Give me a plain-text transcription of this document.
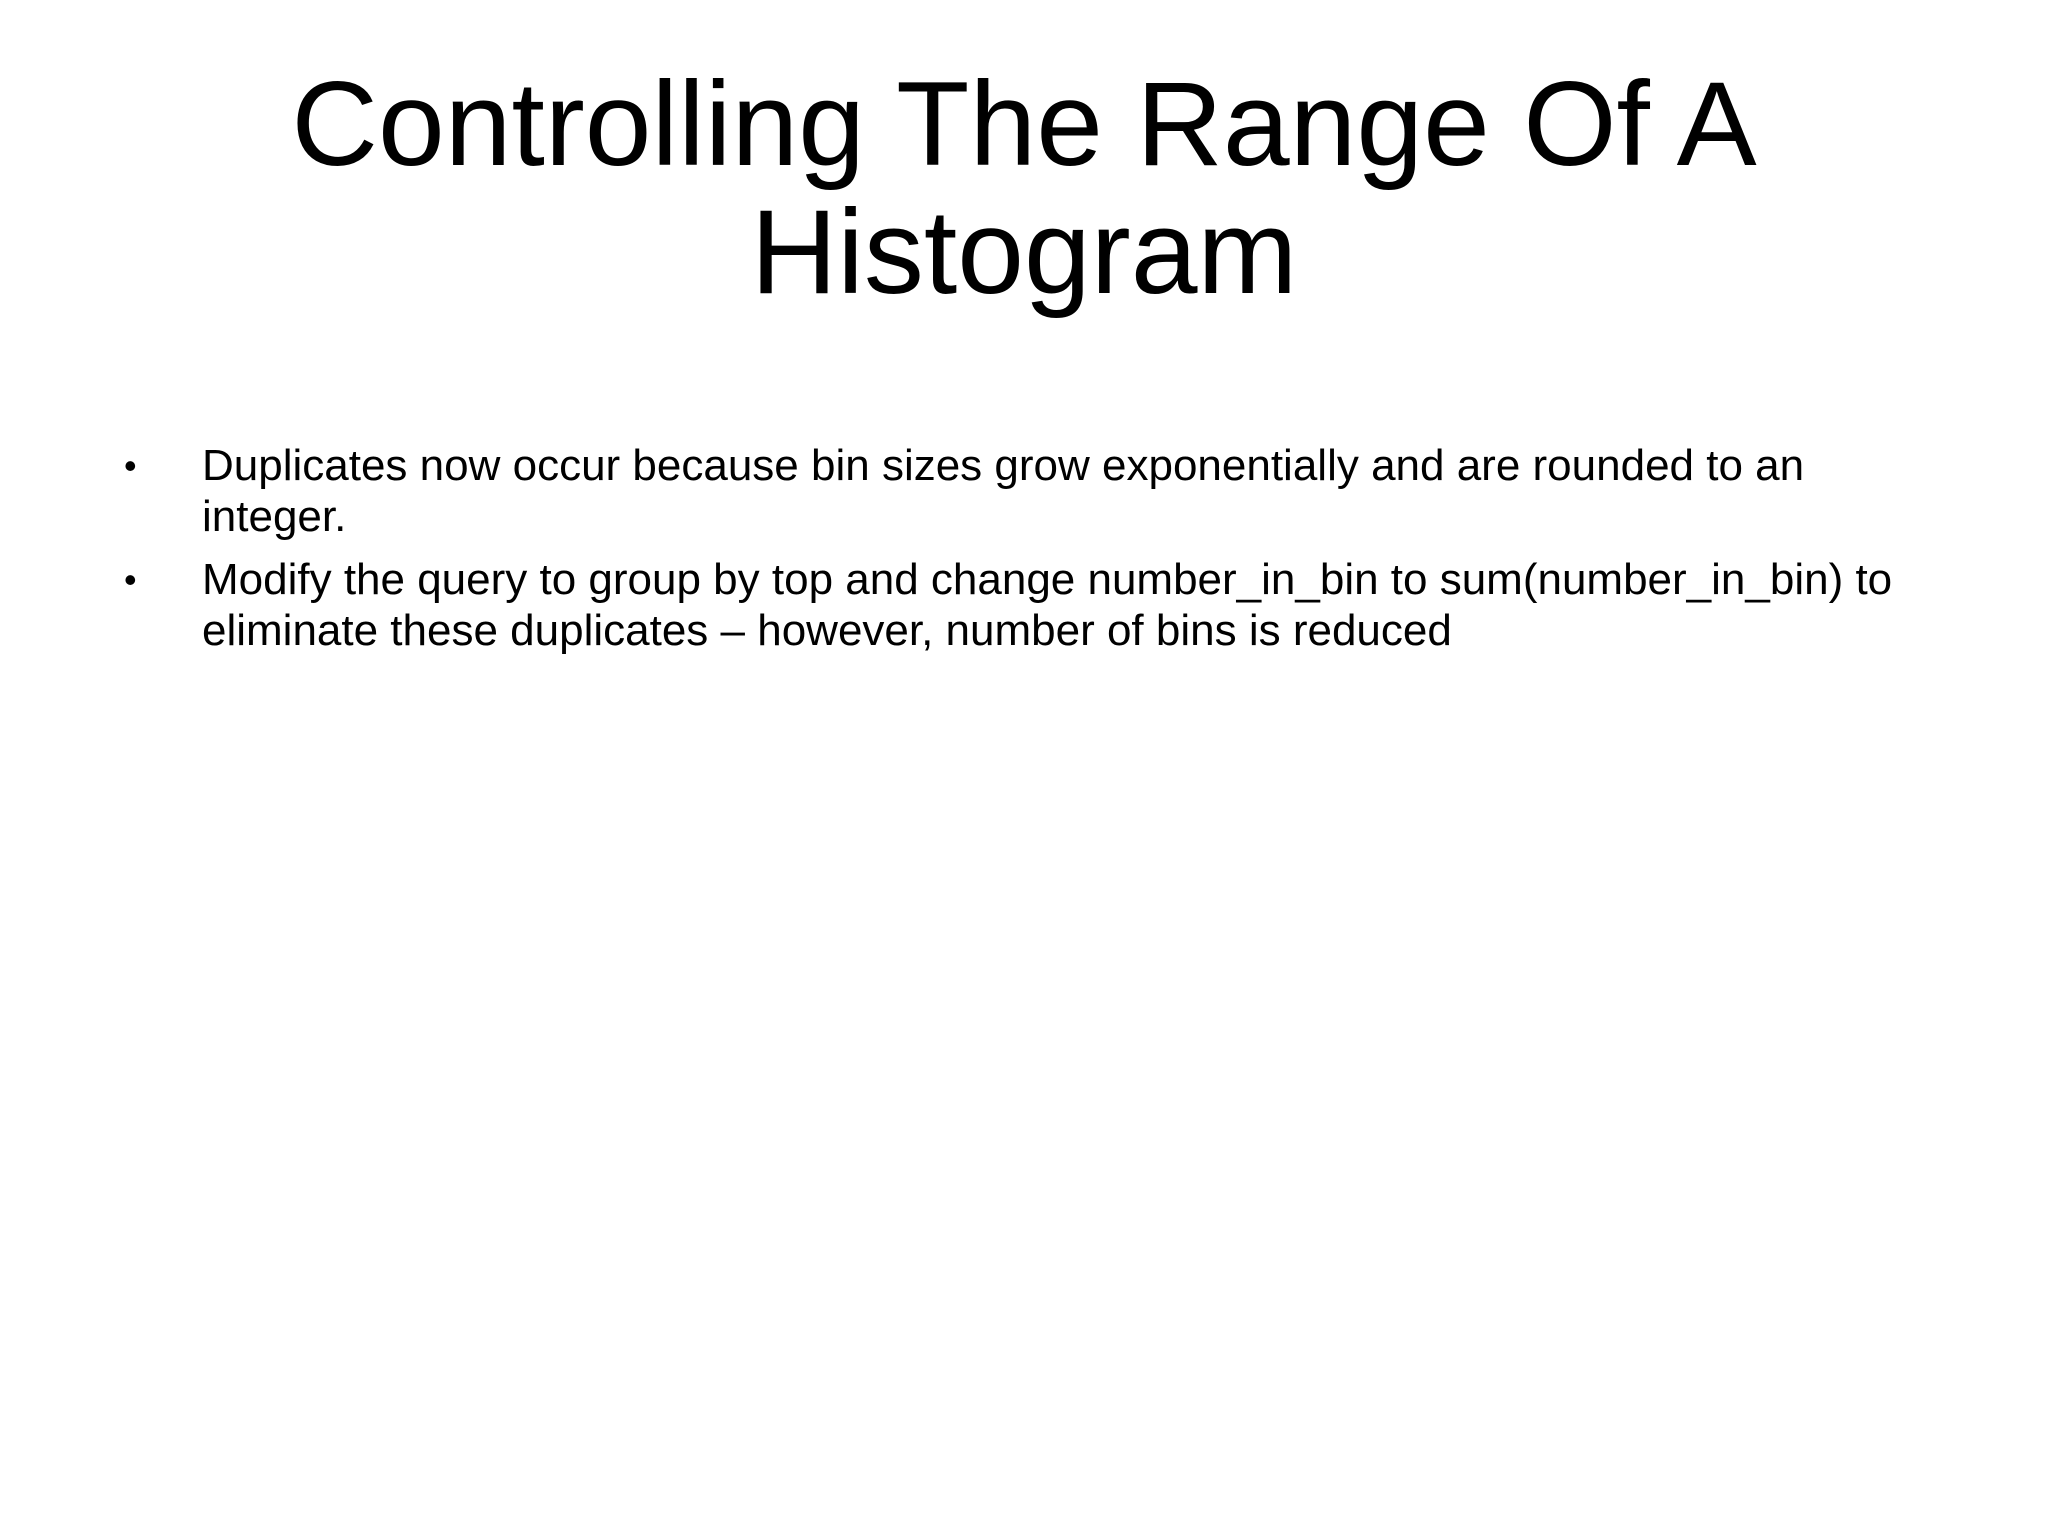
Controlling The Range Of A
Histogram
• Duplicates now occur because bin sizes grow exponentially and are rounded to an integer.
• Modify the query to group by top and change number_in_bin to sum(number_in_bin) to eliminate these duplicates – however, number of bins is reduced
